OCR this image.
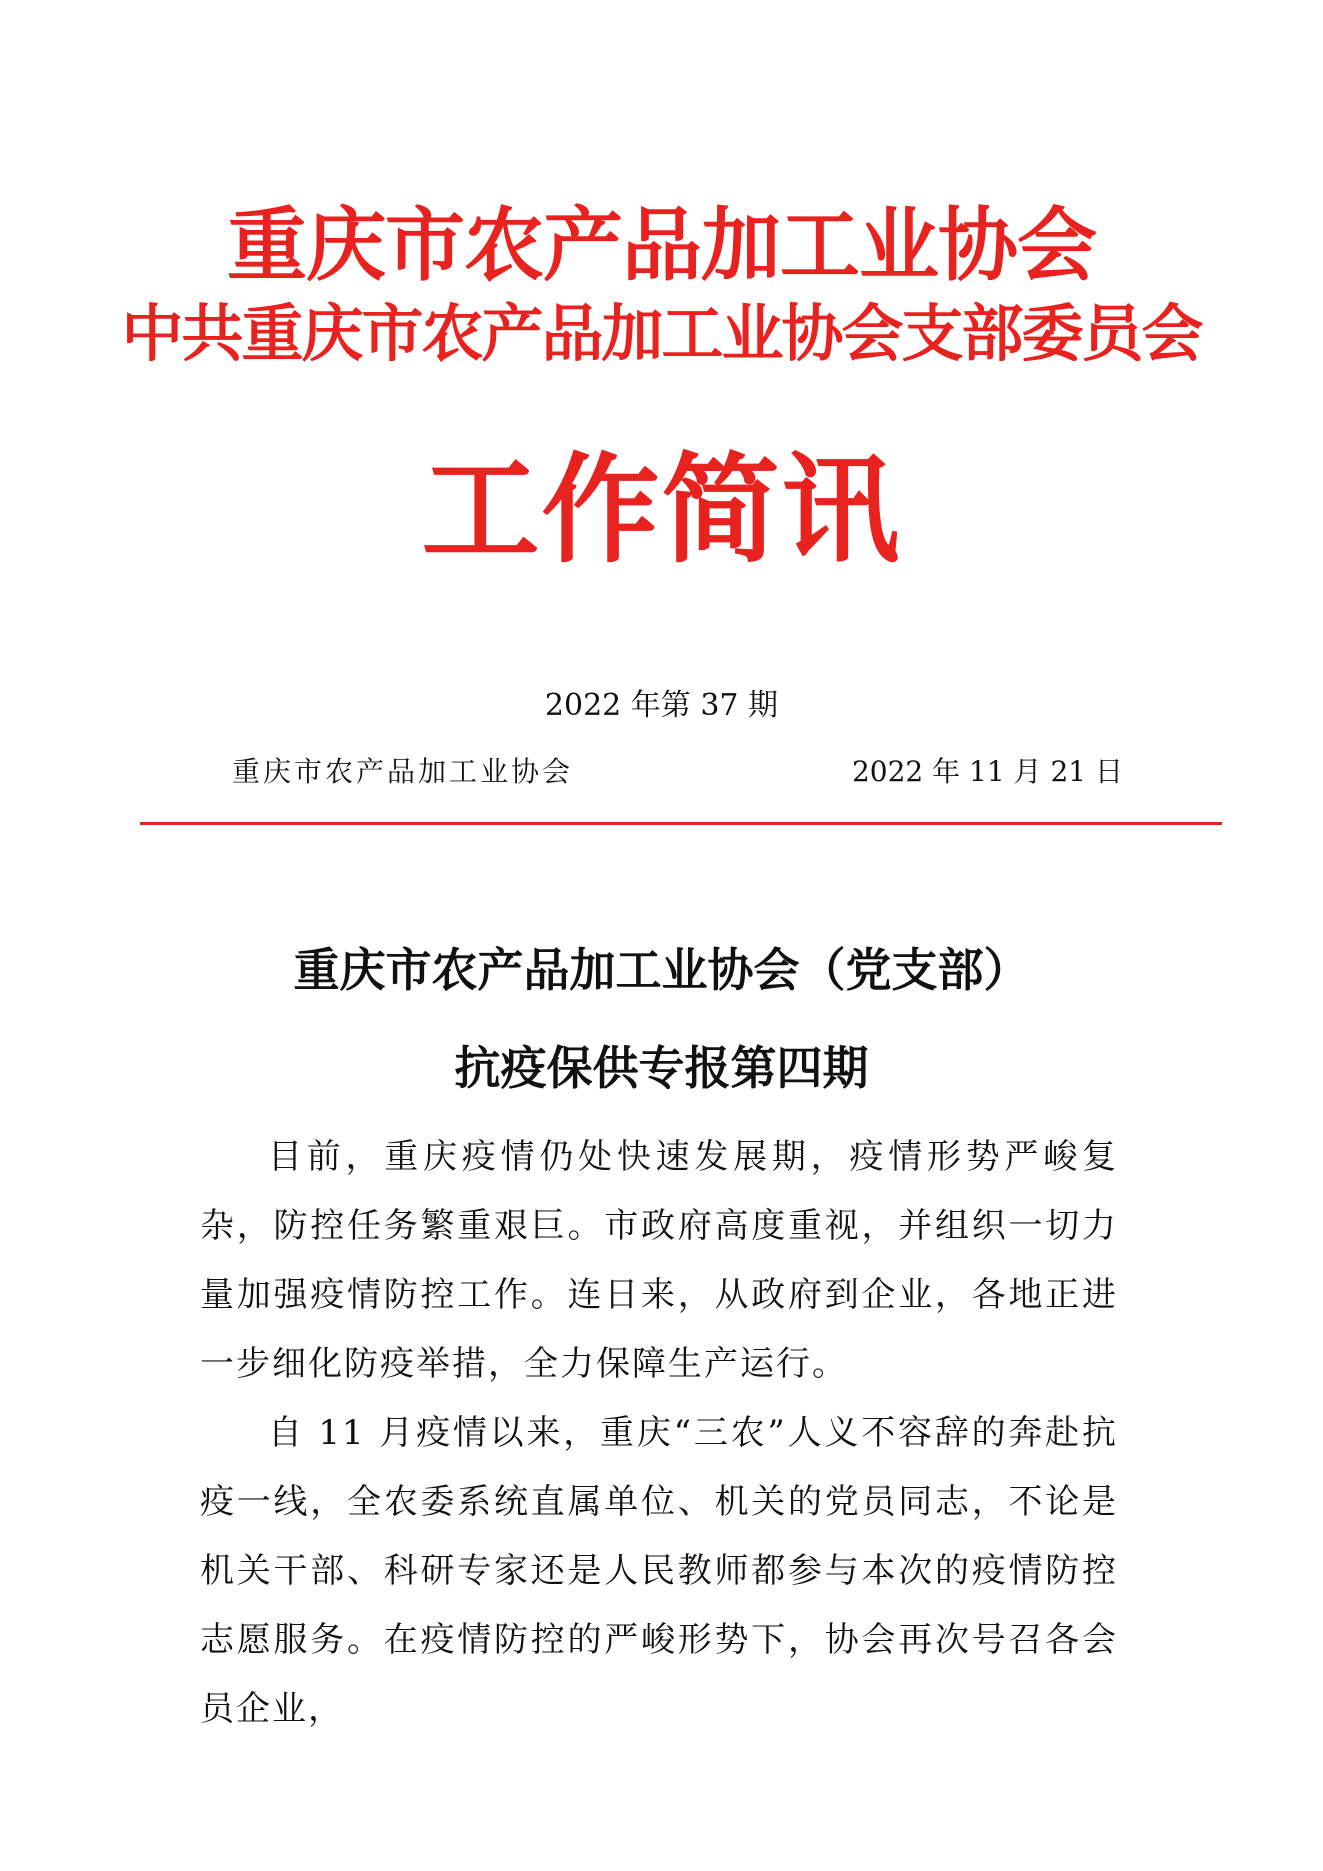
重庆市农产品加工业协会
中共重庆市农产品加工业协会支部委员会
工作简讯
2022 年第 37 期
重庆市农产品加工业协会	2022 年 11 月 21 日
重庆市农产品加工业协会（党支部）
抗疫保供专报第四期

目前，重庆疫情仍处快速发展期，疫情形势严峻复杂，防控任务繁重艰巨。市政府高度重视，并组织一切力量加强疫情防控工作。连日来，从政府到企业，各地正进一步细化防疫举措，全力保障生产运行。

自 11 月疫情以来，重庆“三农”人义不容辞的奔赴抗疫一线，全农委系统直属单位、机关的党员同志，不论是机关干部、科研专家还是人民教师都参与本次的疫情防控志愿服务。在疫情防控的严峻形势下，协会再次号召各会员企业，
